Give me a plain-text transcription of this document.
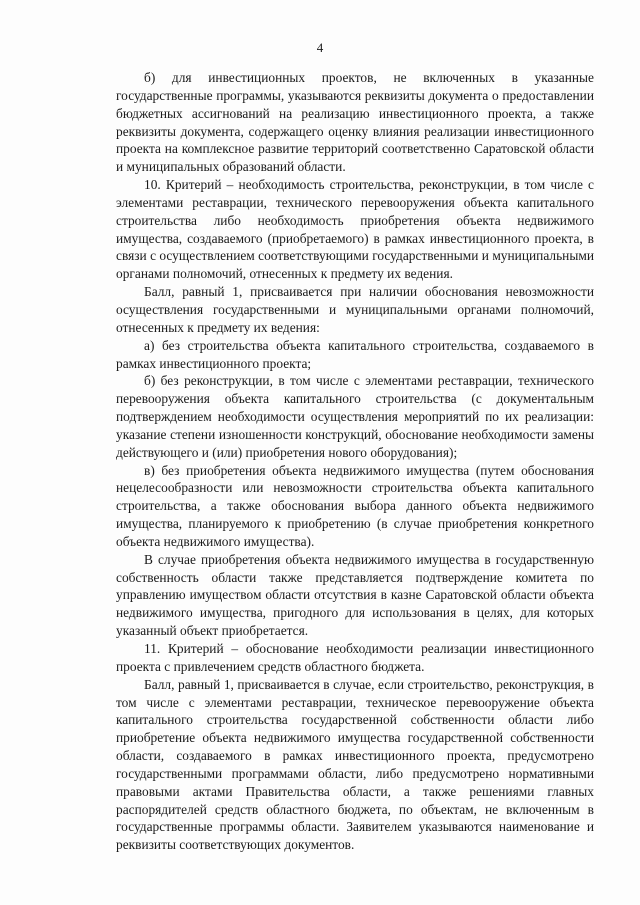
4

б) для инвестиционных проектов, не включенных в указанные государственные программы, указываются реквизиты документа о предоставлении бюджетных ассигнований на реализацию инвестиционного проекта, а также реквизиты документа, содержащего оценку влияния реализации инвестиционного проекта на комплексное развитие территорий соответственно Саратовской области и муниципальных образований области.

10. Критерий – необходимость строительства, реконструкции, в том числе с элементами реставрации, технического перевооружения объекта капитального строительства либо необходимость приобретения объекта недвижимого имущества, создаваемого (приобретаемого) в рамках инвестиционного проекта, в связи с осуществлением соответствующими государственными и муниципальными органами полномочий, отнесенных к предмету их ведения.

Балл, равный 1, присваивается при наличии обоснования невозможности осуществления государственными и муниципальными органами полномочий, отнесенных к предмету их ведения:

а) без строительства объекта капитального строительства, создаваемого в рамках инвестиционного проекта;

б) без реконструкции, в том числе с элементами реставрации, технического перевооружения объекта капитального строительства (с документальным подтверждением необходимости осуществления мероприятий по их реализации: указание степени изношенности конструкций, обоснование необходимости замены действующего и (или) приобретения нового оборудования);

в) без приобретения объекта недвижимого имущества (путем обоснования нецелесообразности или невозможности строительства объекта капитального строительства, а также обоснования выбора данного объекта недвижимого имущества, планируемого к приобретению (в случае приобретения конкретного объекта недвижимого имущества).

В случае приобретения объекта недвижимого имущества в государственную собственность области также представляется подтверждение комитета по управлению имуществом области отсутствия в казне Саратовской области объекта недвижимого имущества, пригодного для использования в целях, для которых указанный объект приобретается.

11. Критерий – обоснование необходимости реализации инвестиционного проекта с привлечением средств областного бюджета.

Балл, равный 1, присваивается в случае, если строительство, реконструкция, в том числе с элементами реставрации, техническое перевооружение объекта капитального строительства государственной собственности области либо приобретение объекта недвижимого имущества государственной собственности области, создаваемого в рамках инвестиционного проекта, предусмотрено государственными программами области, либо предусмотрено нормативными правовыми актами Правительства области, а также решениями главных распорядителей средств областного бюджета, по объектам, не включенным в государственные программы области. Заявителем указываются наименование и реквизиты соответствующих документов.
